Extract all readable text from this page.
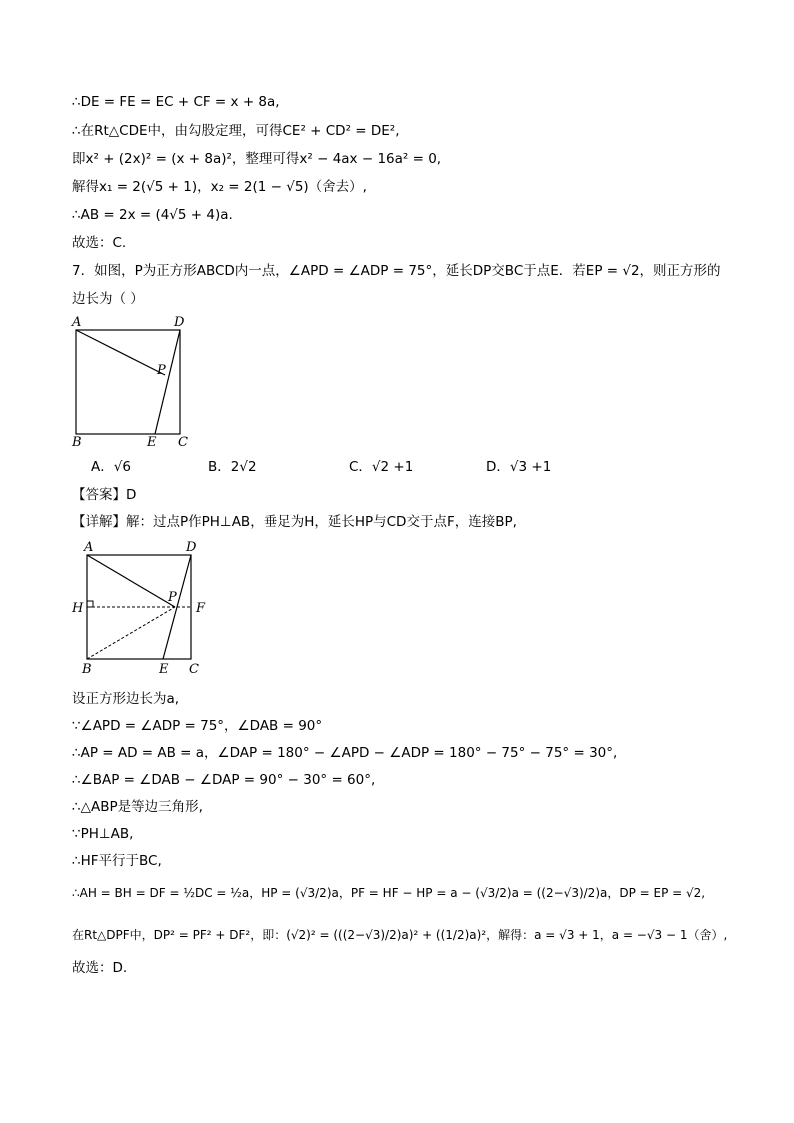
∴DE = FE = EC + CF = x + 8a,
∴在Rt△CDE中，由勾股定理，可得CE² + CD² = DE²,
即x² + (2x)² = (x + 8a)²，整理可得x² − 4ax − 16a² = 0,
解得x₁ = 2(√5 + 1)，x₂ = 2(1 − √5)（舍去）,
∴AB = 2x = (4√5 + 4)a.
故选：C.
7．如图，P为正方形ABCD内一点，∠APD = ∠ADP = 75°，延长DP交BC于点E．若EP = √2，则正方形的
边长为（ ）
A	D
P
B	E C
A．√6	B．2√2	C．√2 +1	D．√3 +1
【答案】D
【详解】解：过点P作PH⊥AB，垂足为H，延长HP与CD交于点F，连接BP,
A	D
H
P
F
B	E C
设正方形边长为a,
∵∠APD = ∠ADP = 75°，∠DAB = 90°
∴AP = AD = AB = a，∠DAP = 180° − ∠APD − ∠ADP = 180° − 75° − 75° = 30°,
∴∠BAP = ∠DAB − ∠DAP = 90° − 30° = 60°,
∴△ABP是等边三角形,
∵PH⊥AB,
∴HF平行于BC,
∴AH = BH = DF = ½DC = ½a，HP = (√3/2)a，PF = HF − HP = a − (√3/2)a = ((2−√3)/2)a，DP = EP = √2,
在Rt△DPF中，DP² = PF² + DF²，即：(√2)² = (((2−√3)/2)a)² + ((1/2)a)²，解得：a = √3 + 1，a = −√3 − 1（舍）,
故选：D.
